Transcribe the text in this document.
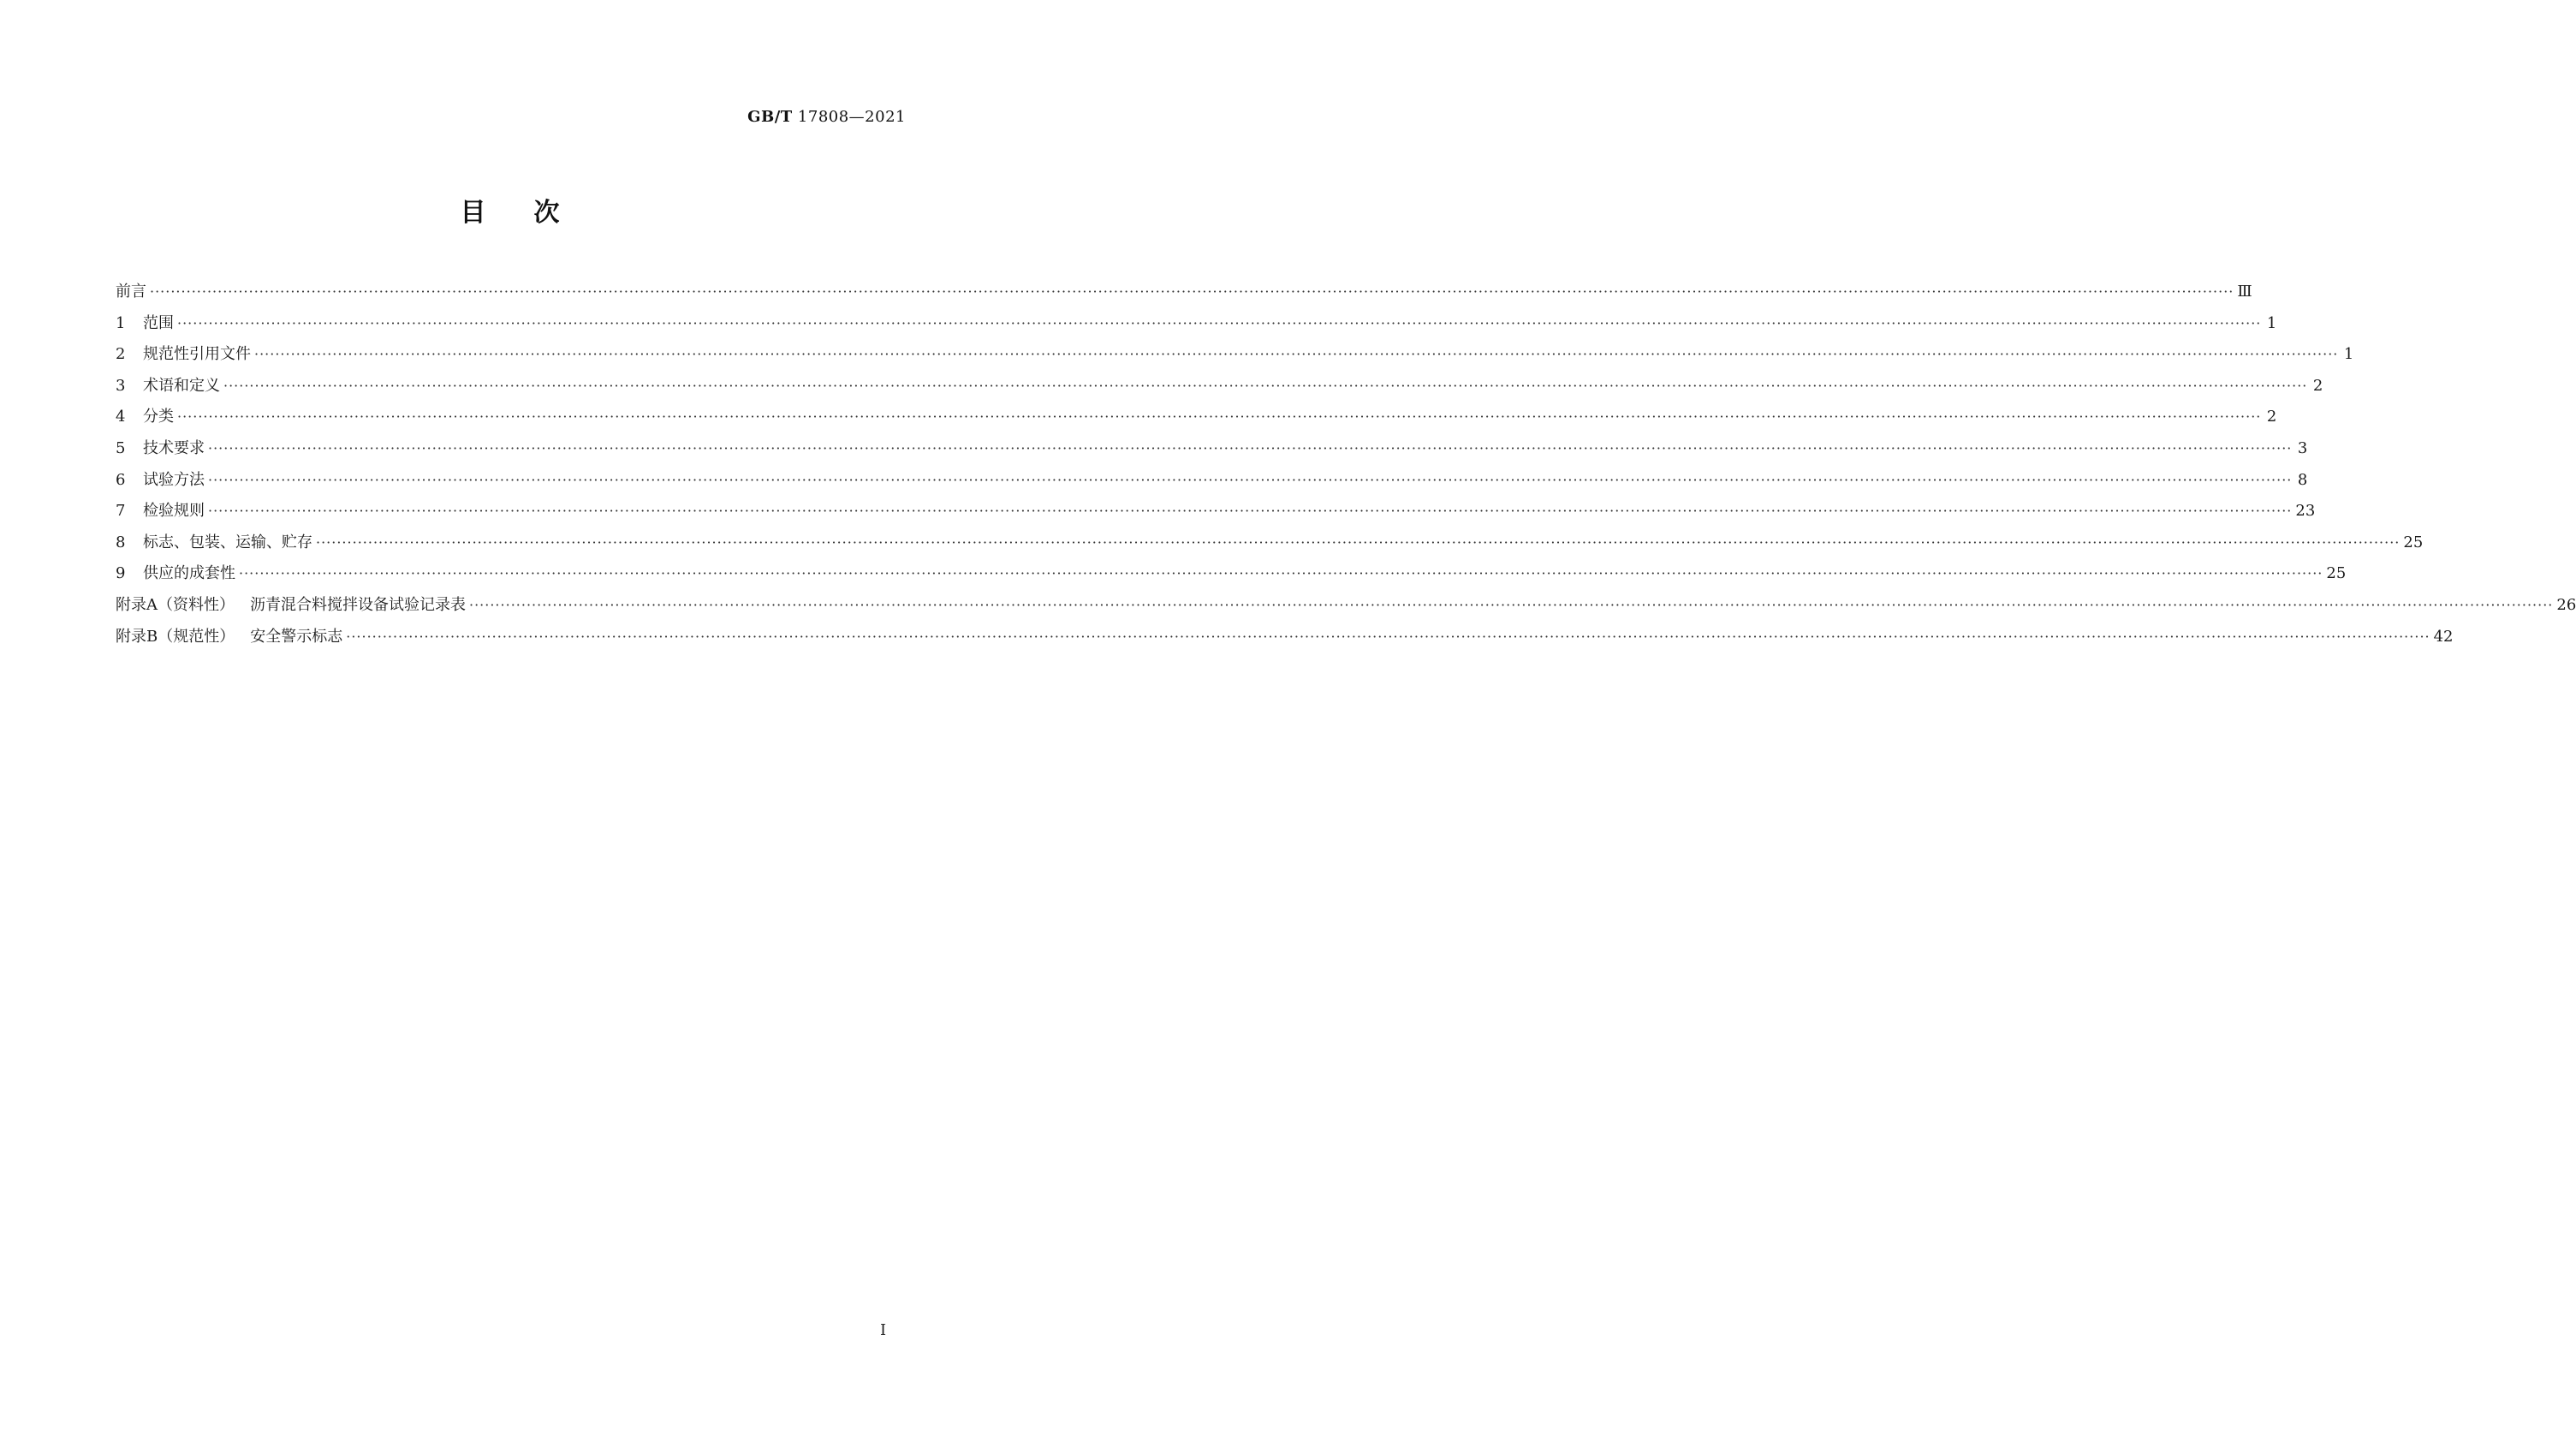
GB/T 17808—2021
目次
前言 ················································································································································································································································································································································································································ Ⅲ
1 范围 ················································································································································································································································································································································································································ 1
2 规范性引用文件 ················································································································································································································································································································································································································ 1
3 术语和定义 ················································································································································································································································································································································································································ 2
4 分类 ················································································································································································································································································································································································································ 2
5 技术要求 ················································································································································································································································································································································································································ 3
6 试验方法 ················································································································································································································································································································································································································ 8
7 检验规则 ················································································································································································································································································································································································································ 23
8 标志、包装、运输、贮存 ················································································································································································································································································································································································································ 25
9 供应的成套性 ················································································································································································································································································································································································································ 25
附录A（资料性） 沥青混合料搅拌设备试验记录表 ················································································································································································································································································································································································································ 26
附录B（规范性） 安全警示标志 ················································································································································································································································································································································································································ 42
I
